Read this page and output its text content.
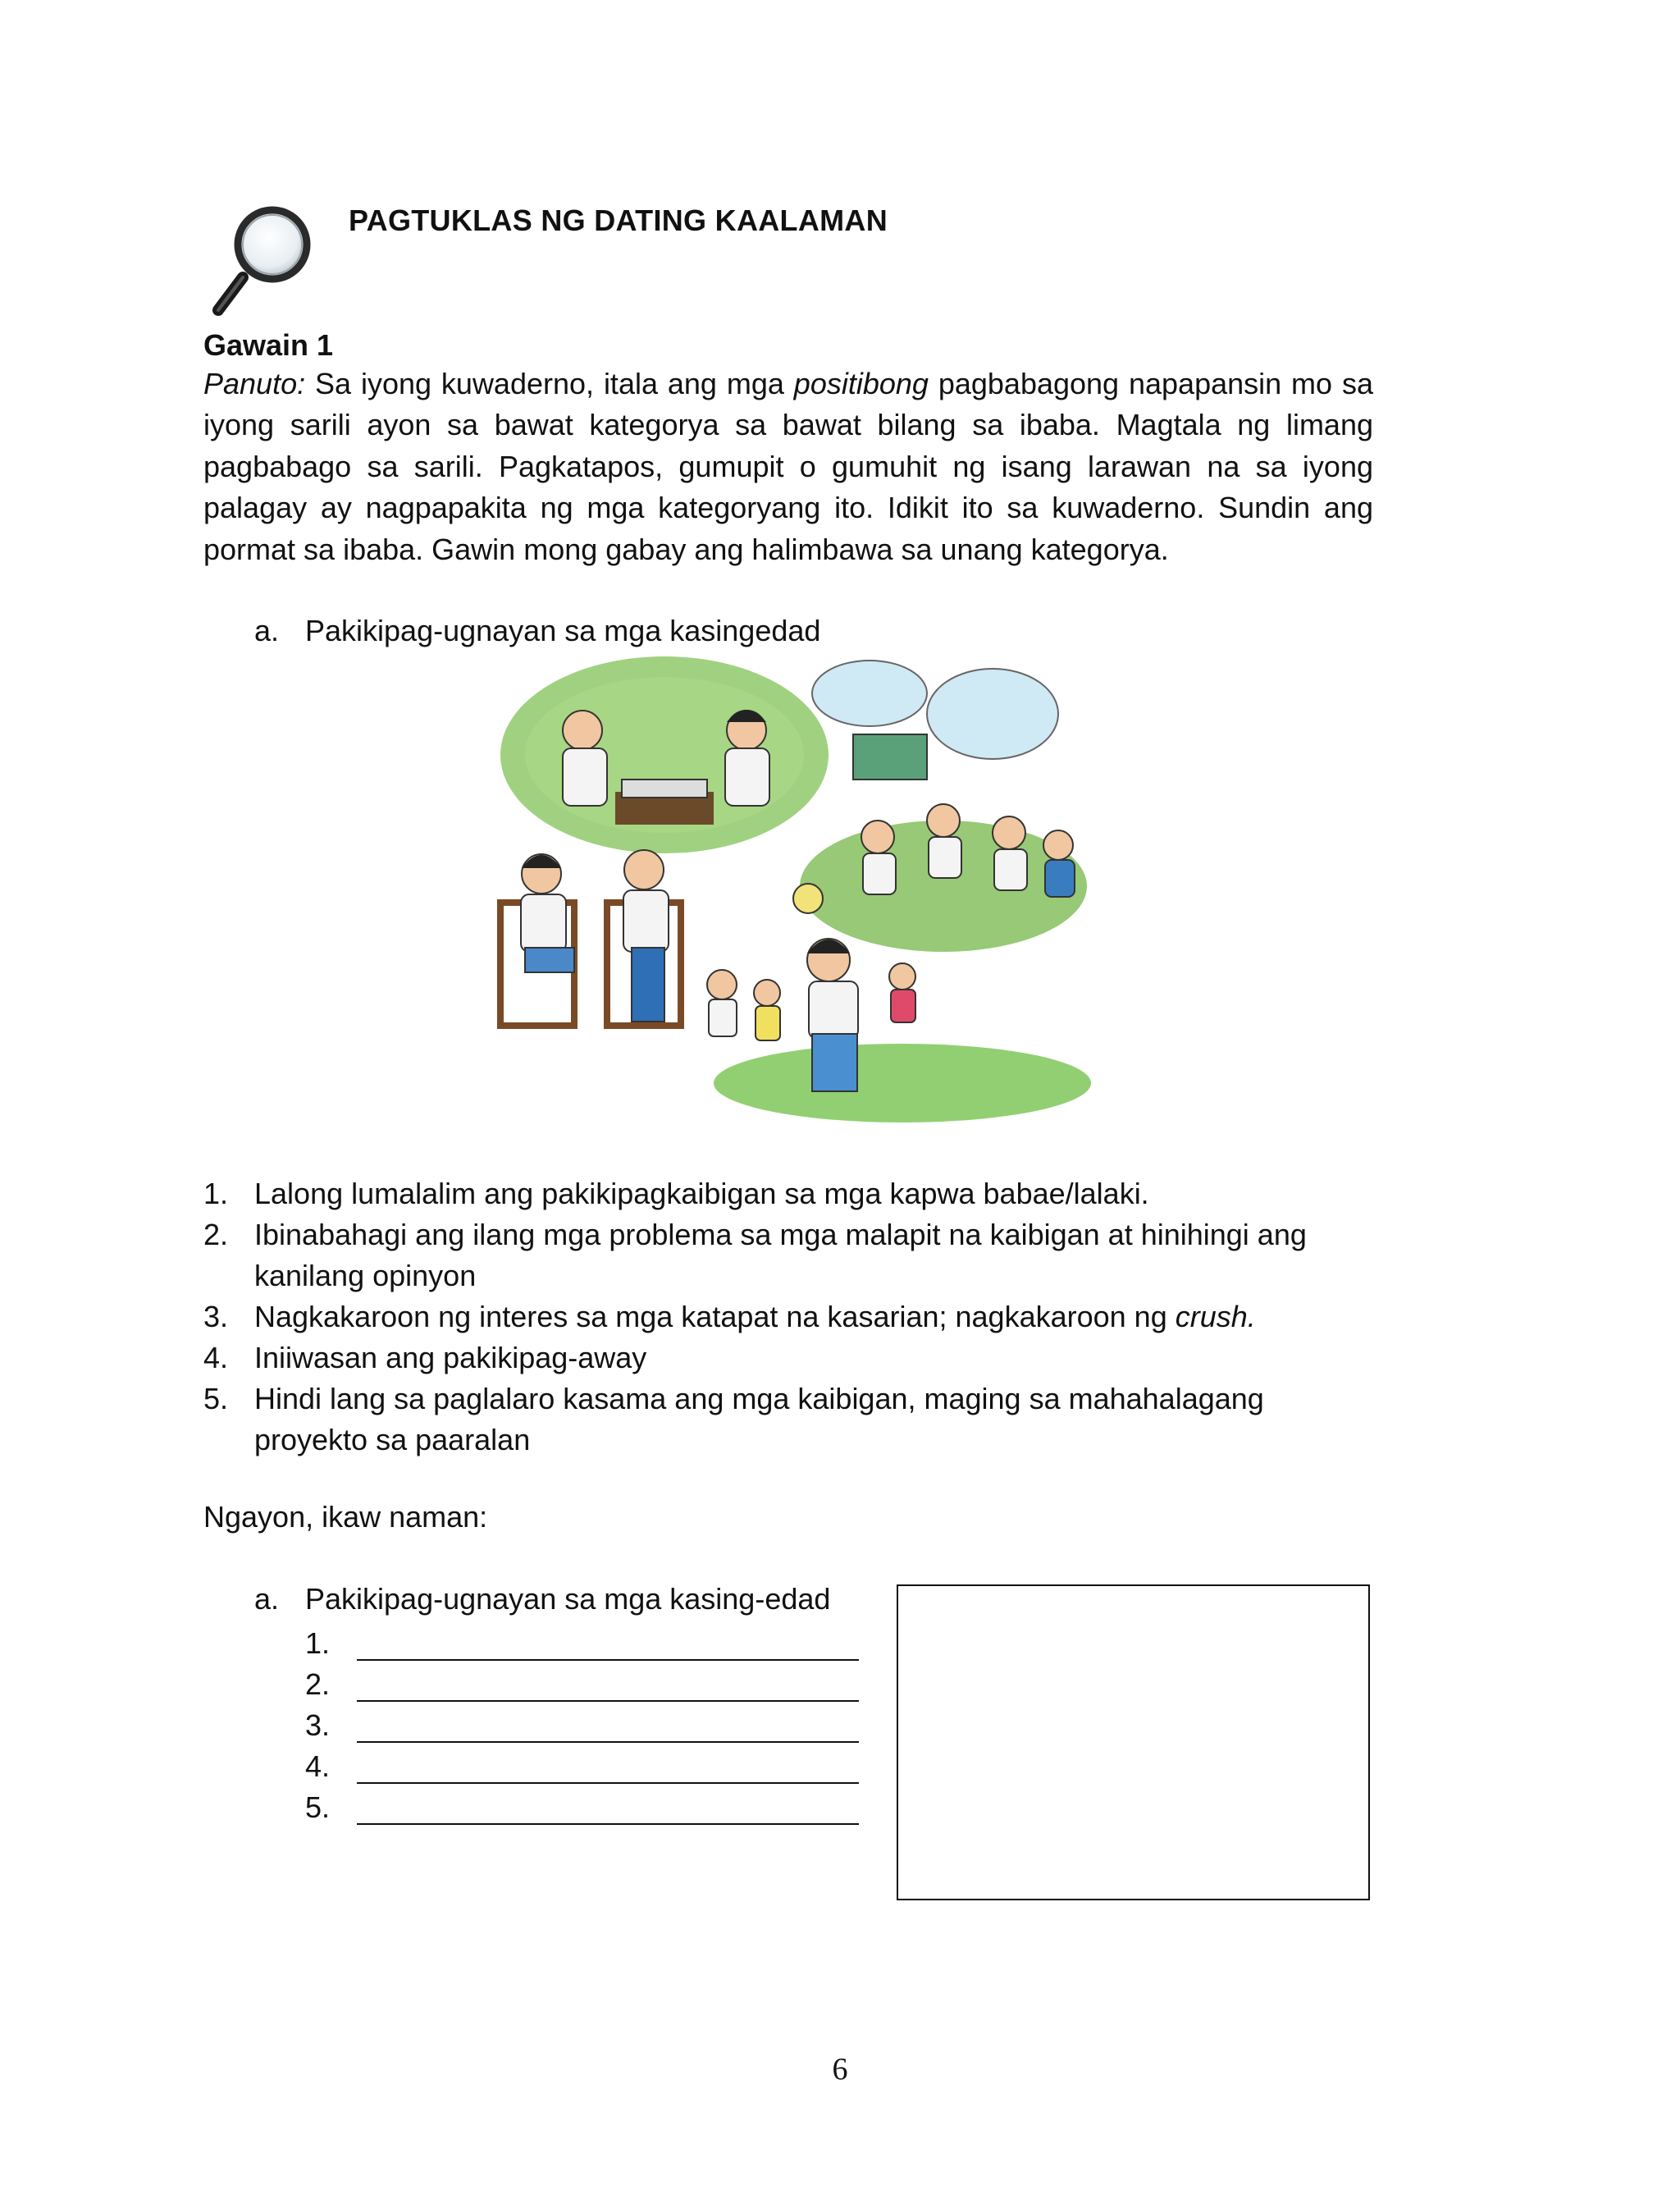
PAGTUKLAS NG DATING KAALAMAN
Gawain 1
Panuto: Sa iyong kuwaderno, itala ang mga positibong pagbabagong napapansin mo sa iyong sarili ayon sa bawat kategorya sa bawat bilang sa ibaba. Magtala ng limang pagbabago sa sarili. Pagkatapos, gumupit o gumuhit ng isang larawan na sa iyong palagay ay nagpapakita ng mga kategoryang ito. Idikit ito sa kuwaderno. Sundin ang pormat sa ibaba. Gawin mong gabay ang halimbawa sa unang kategorya.
a. Pakikipag-ugnayan sa mga kasingedad
1. Lalong lumalalim ang pakikipagkaibigan sa mga kapwa babae/lalaki.
2. Ibinabahagi ang ilang mga problema sa mga malapit na kaibigan at hinihingi ang kanilang opinyon
3. Nagkakaroon ng interes sa mga katapat na kasarian; nagkakaroon ng crush.
4. Iniiwasan ang pakikipag-away
5. Hindi lang sa paglalaro kasama ang mga kaibigan, maging sa mahahalagang proyekto sa paaralan
Ngayon, ikaw naman:
a. Pakikipag-ugnayan sa mga kasing-edad
1.
2.
3.
4.
5.
6
